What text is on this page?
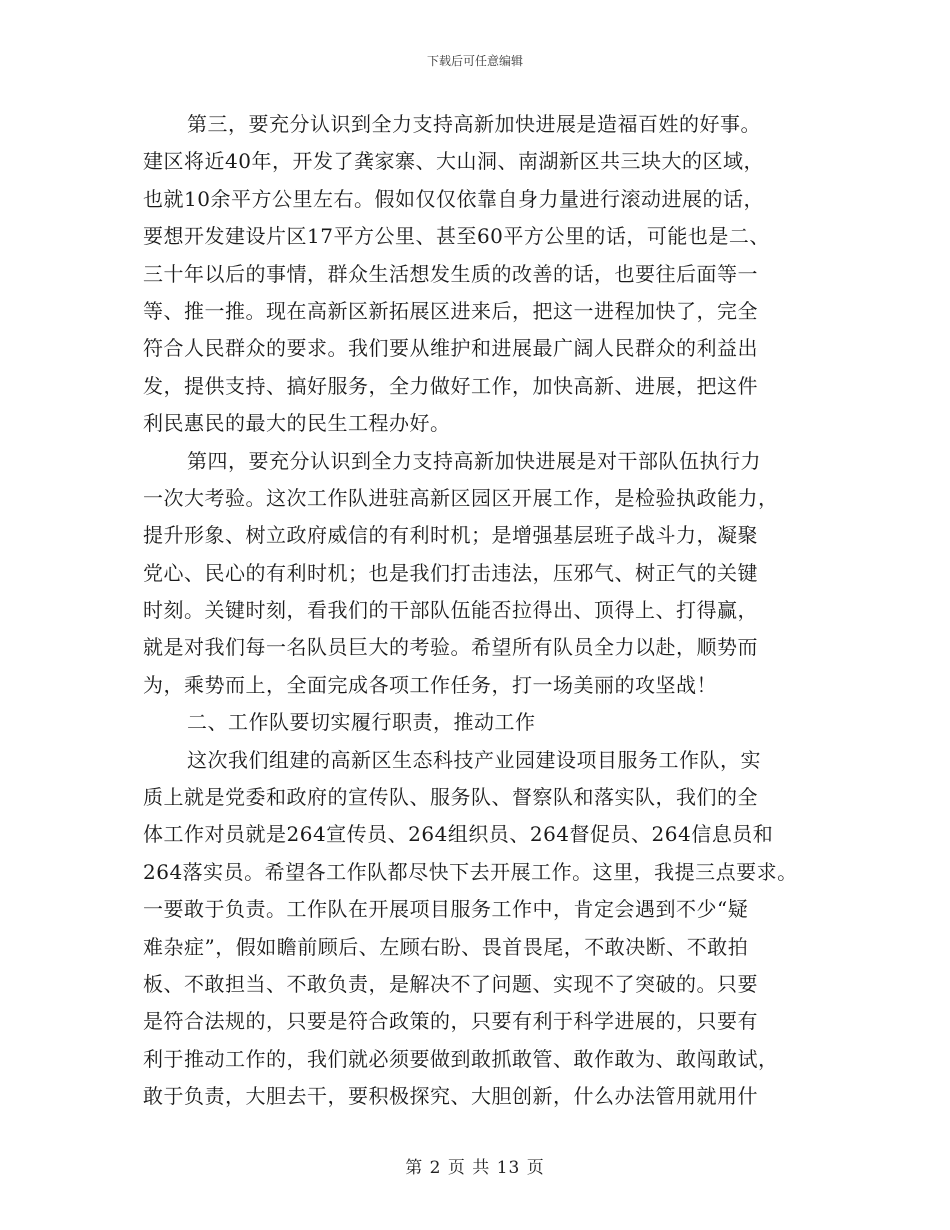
下载后可任意编辑
第三，要充分认识到全力支持高新加快进展是造福百姓的好事。
建区将近40年，开发了龚家寨、大山洞、南湖新区共三块大的区域，
也就10余平方公里左右。假如仅仅依靠自身力量进行滚动进展的话，
要想开发建设片区17平方公里、甚至60平方公里的话，可能也是二、
三十年以后的事情，群众生活想发生质的改善的话，也要往后面等一
等、推一推。现在高新区新拓展区进来后，把这一进程加快了，完全
符合人民群众的要求。我们要从维护和进展最广阔人民群众的利益出
发，提供支持、搞好服务，全力做好工作，加快高新、进展，把这件
利民惠民的最大的民生工程办好。
第四，要充分认识到全力支持高新加快进展是对干部队伍执行力
一次大考验。这次工作队进驻高新区园区开展工作，是检验执政能力，
提升形象、树立政府威信的有利时机；是增强基层班子战斗力，凝聚
党心、民心的有利时机；也是我们打击违法，压邪气、树正气的关键
时刻。关键时刻，看我们的干部队伍能否拉得出、顶得上、打得赢，
就是对我们每一名队员巨大的考验。希望所有队员全力以赴，顺势而
为，乘势而上，全面完成各项工作任务，打一场美丽的攻坚战！
二、工作队要切实履行职责，推动工作
这次我们组建的高新区生态科技产业园建设项目服务工作队，实
质上就是党委和政府的宣传队、服务队、督察队和落实队，我们的全
体工作对员就是264宣传员、264组织员、264督促员、264信息员和
264落实员。希望各工作队都尽快下去开展工作。这里，我提三点要求。
一要敢于负责。工作队在开展项目服务工作中，肯定会遇到不少“疑
难杂症”，假如瞻前顾后、左顾右盼、畏首畏尾，不敢决断、不敢拍
板、不敢担当、不敢负责，是解决不了问题、实现不了突破的。只要
是符合法规的，只要是符合政策的，只要有利于科学进展的，只要有
利于推动工作的，我们就必须要做到敢抓敢管、敢作敢为、敢闯敢试，
敢于负责，大胆去干，要积极探究、大胆创新，什么办法管用就用什
第 2 页 共 13 页
